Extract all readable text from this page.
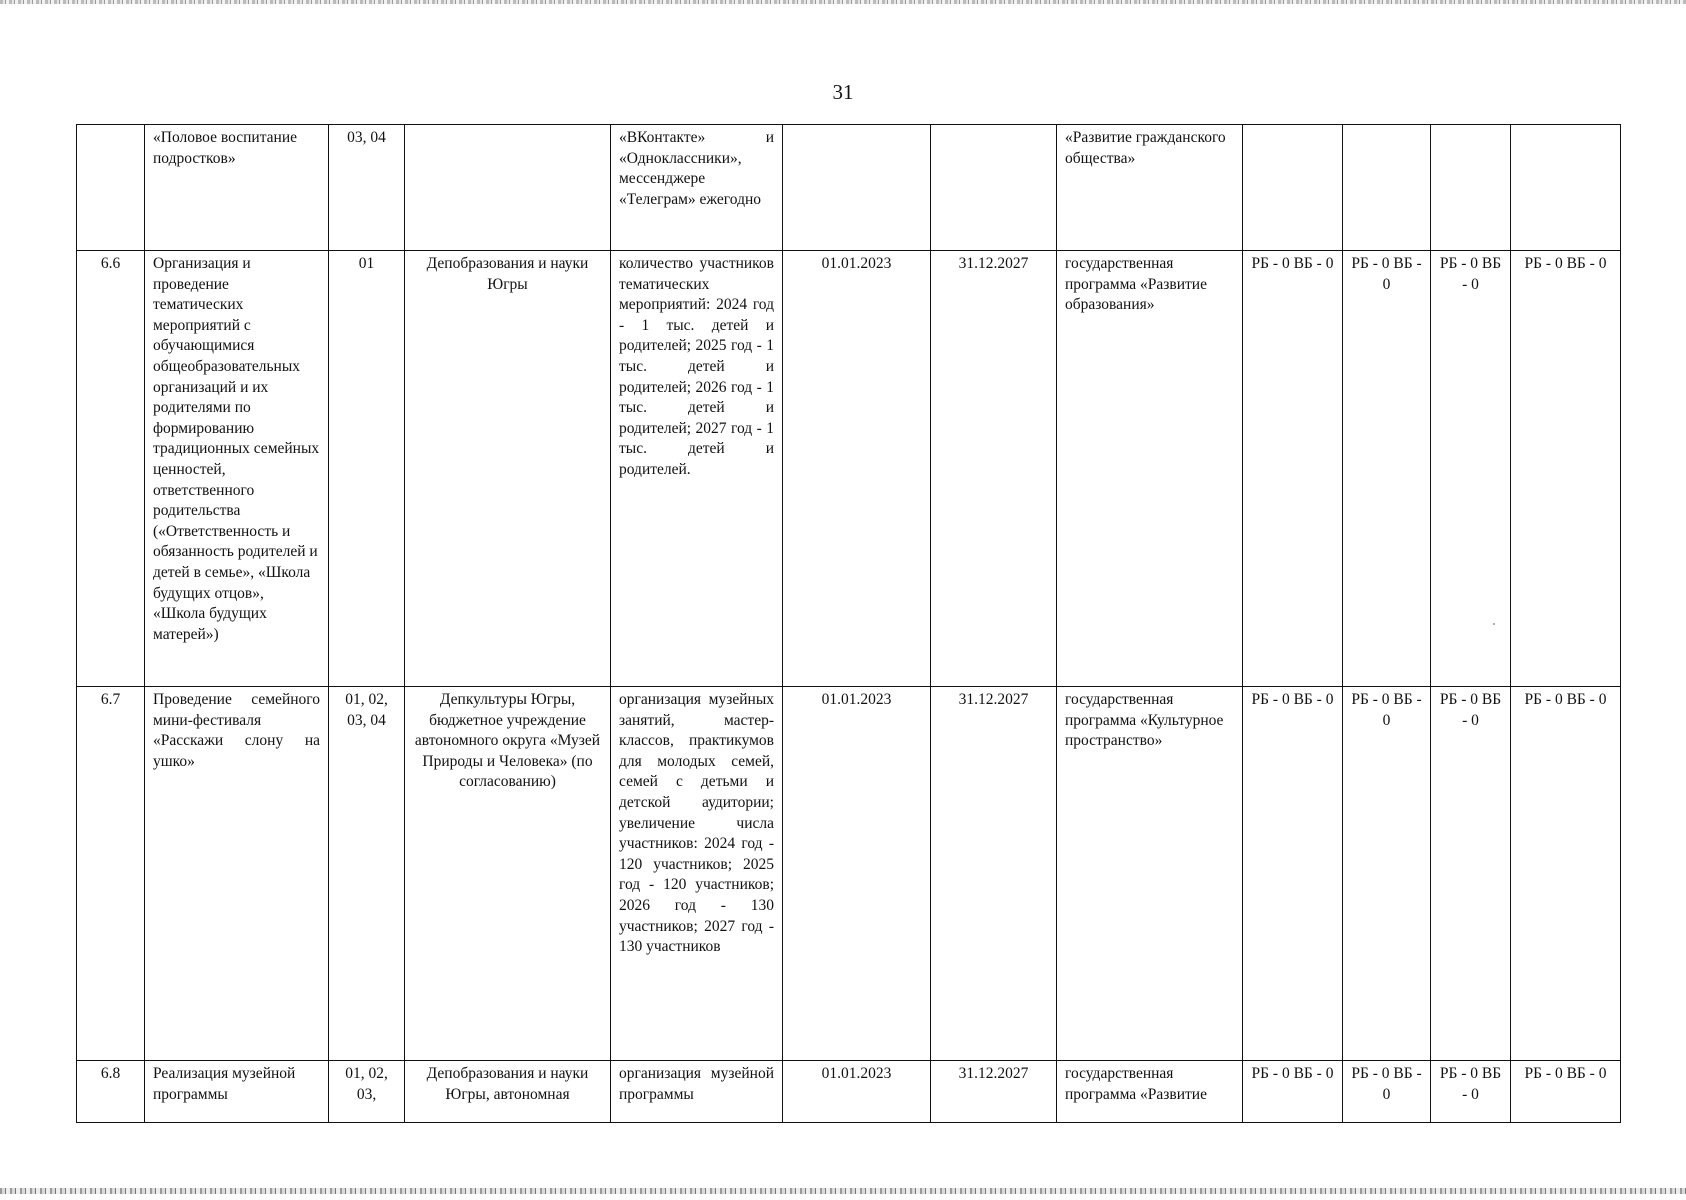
31
	«Половое воспитание подростков»	03, 04		«ВКонтакте» и «Одноклассники», мессенджере «Телеграм» ежегодно			«Развитие гражданского общества»				
6.6	Организация и проведение тематических мероприятий с обучающимися общеобразовательных организаций и их родителями по формированию традиционных семейных ценностей, ответственного родительства («Ответственность и обязанность родителей и детей в семье», «Школа будущих отцов», «Школа будущих матерей»)	01	Депобразования и науки Югры	количество участников тематических мероприятий: 2024 год - 1 тыс. детей и родителей; 2025 год - 1 тыс. детей и родителей; 2026 год - 1 тыс. детей и родителей; 2027 год - 1 тыс. детей и родителей.	01.01.2023	31.12.2027	государственная программа «Развитие образования»	РБ - 0 ВБ - 0	РБ - 0 ВБ - 0	РБ - 0 ВБ - 0	РБ - 0 ВБ - 0
6.7	Проведение семейного мини-фестиваля «Расскажи слону на ушко»	01, 02, 03, 04	Депкультуры Югры, бюджетное учреждение автономного округа «Музей Природы и Человека» (по согласованию)	организация музейных занятий, мастер-классов, практикумов для молодых семей, семей с детьми и детской аудитории; увеличение числа участников: 2024 год - 120 участников; 2025 год - 120 участников; 2026 год - 130 участников; 2027 год - 130 участников	01.01.2023	31.12.2027	государственная программа «Культурное пространство»	РБ - 0 ВБ - 0	РБ - 0 ВБ - 0	РБ - 0 ВБ - 0	РБ - 0 ВБ - 0
6.8	Реализация музейной программы	01, 02, 03,	Депобразования и науки Югры, автономная	организация музейной программы	01.01.2023	31.12.2027	государственная программа «Развитие	РБ - 0 ВБ - 0	РБ - 0 ВБ - 0	РБ - 0 ВБ - 0	РБ - 0 ВБ - 0
